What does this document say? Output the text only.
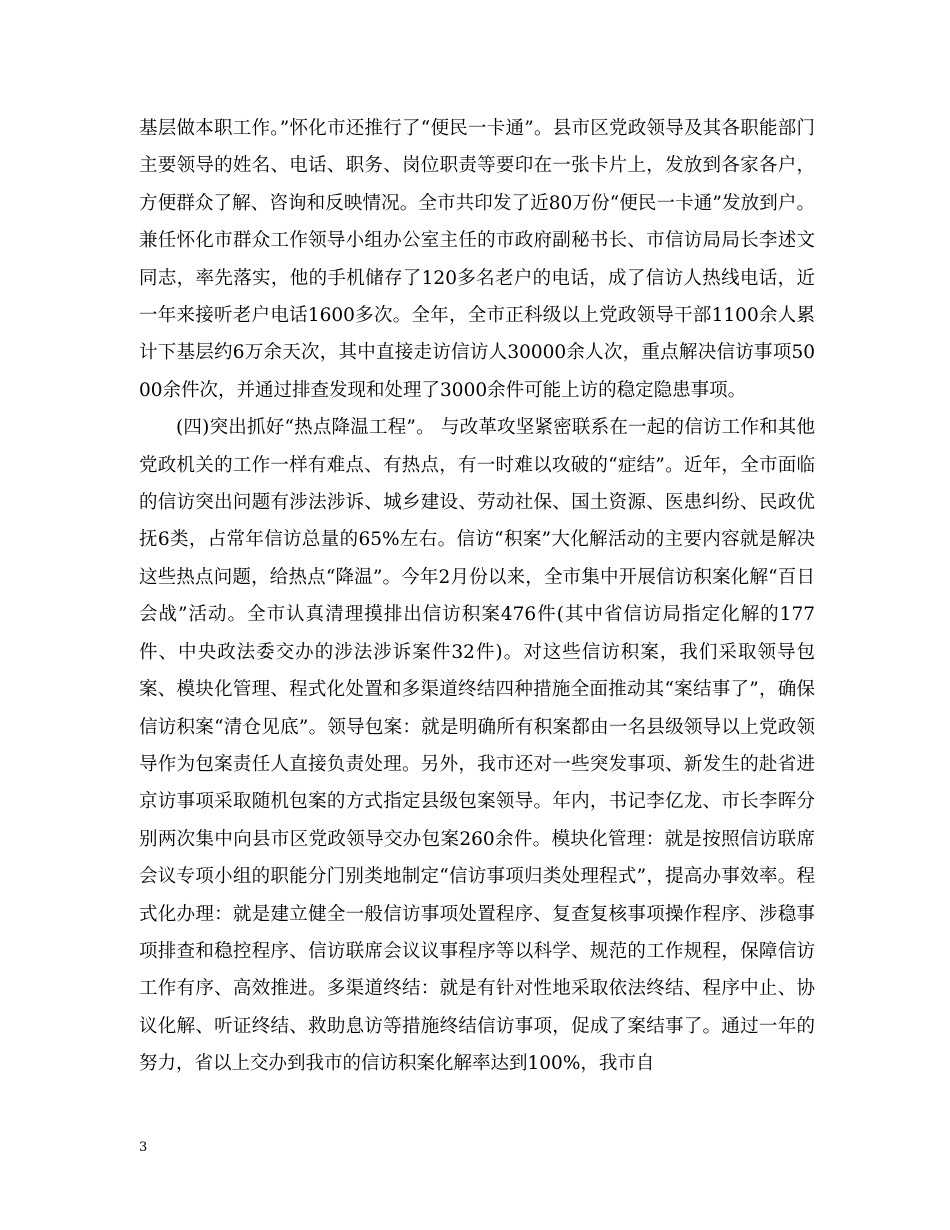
基层做本职工作。”怀化市还推行了“便民一卡通”。县市区党政领导及其各职能部门主要领导的姓名、电话、职务、岗位职责等要印在一张卡片上，发放到各家各户，方便群众了解、咨询和反映情况。全市共印发了近80万份“便民一卡通”发放到户。兼任怀化市群众工作领导小组办公室主任的市政府副秘书长、市信访局局长李述文同志，率先落实，他的手机储存了120多名老户的电话，成了信访人热线电话，近一年来接听老户电话1600多次。全年，全市正科级以上党政领导干部1100余人累计下基层约6万余天次，其中直接走访信访人30000余人次，重点解决信访事项5000余件次，并通过排查发现和处理了3000余件可能上访的稳定隐患事项。

(四)突出抓好“热点降温工程”。 与改革攻坚紧密联系在一起的信访工作和其他党政机关的工作一样有难点、有热点，有一时难以攻破的“症结”。近年，全市面临的信访突出问题有涉法涉诉、城乡建设、劳动社保、国土资源、医患纠纷、民政优抚6类，占常年信访总量的65%左右。信访“积案”大化解活动的主要内容就是解决这些热点问题，给热点“降温”。今年2月份以来，全市集中开展信访积案化解“百日会战”活动。全市认真清理摸排出信访积案476件(其中省信访局指定化解的177件、中央政法委交办的涉法涉诉案件32件)。对这些信访积案，我们采取领导包案、模块化管理、程式化处置和多渠道终结四种措施全面推动其“案结事了”，确保信访积案“清仓见底”。领导包案：就是明确所有积案都由一名县级领导以上党政领导作为包案责任人直接负责处理。另外，我市还对一些突发事项、新发生的赴省进京访事项采取随机包案的方式指定县级包案领导。年内，书记李亿龙、市长李晖分别两次集中向县市区党政领导交办包案260余件。模块化管理：就是按照信访联席会议专项小组的职能分门别类地制定“信访事项归类处理程式”，提高办事效率。程式化办理：就是建立健全一般信访事项处置程序、复查复核事项操作程序、涉稳事项排查和稳控程序、信访联席会议议事程序等以科学、规范的工作规程，保障信访工作有序、高效推进。多渠道终结：就是有针对性地采取依法终结、程序中止、协议化解、听证终结、救助息访等措施终结信访事项，促成了案结事了。通过一年的努力，省以上交办到我市的信访积案化解率达到100%，我市自

3
